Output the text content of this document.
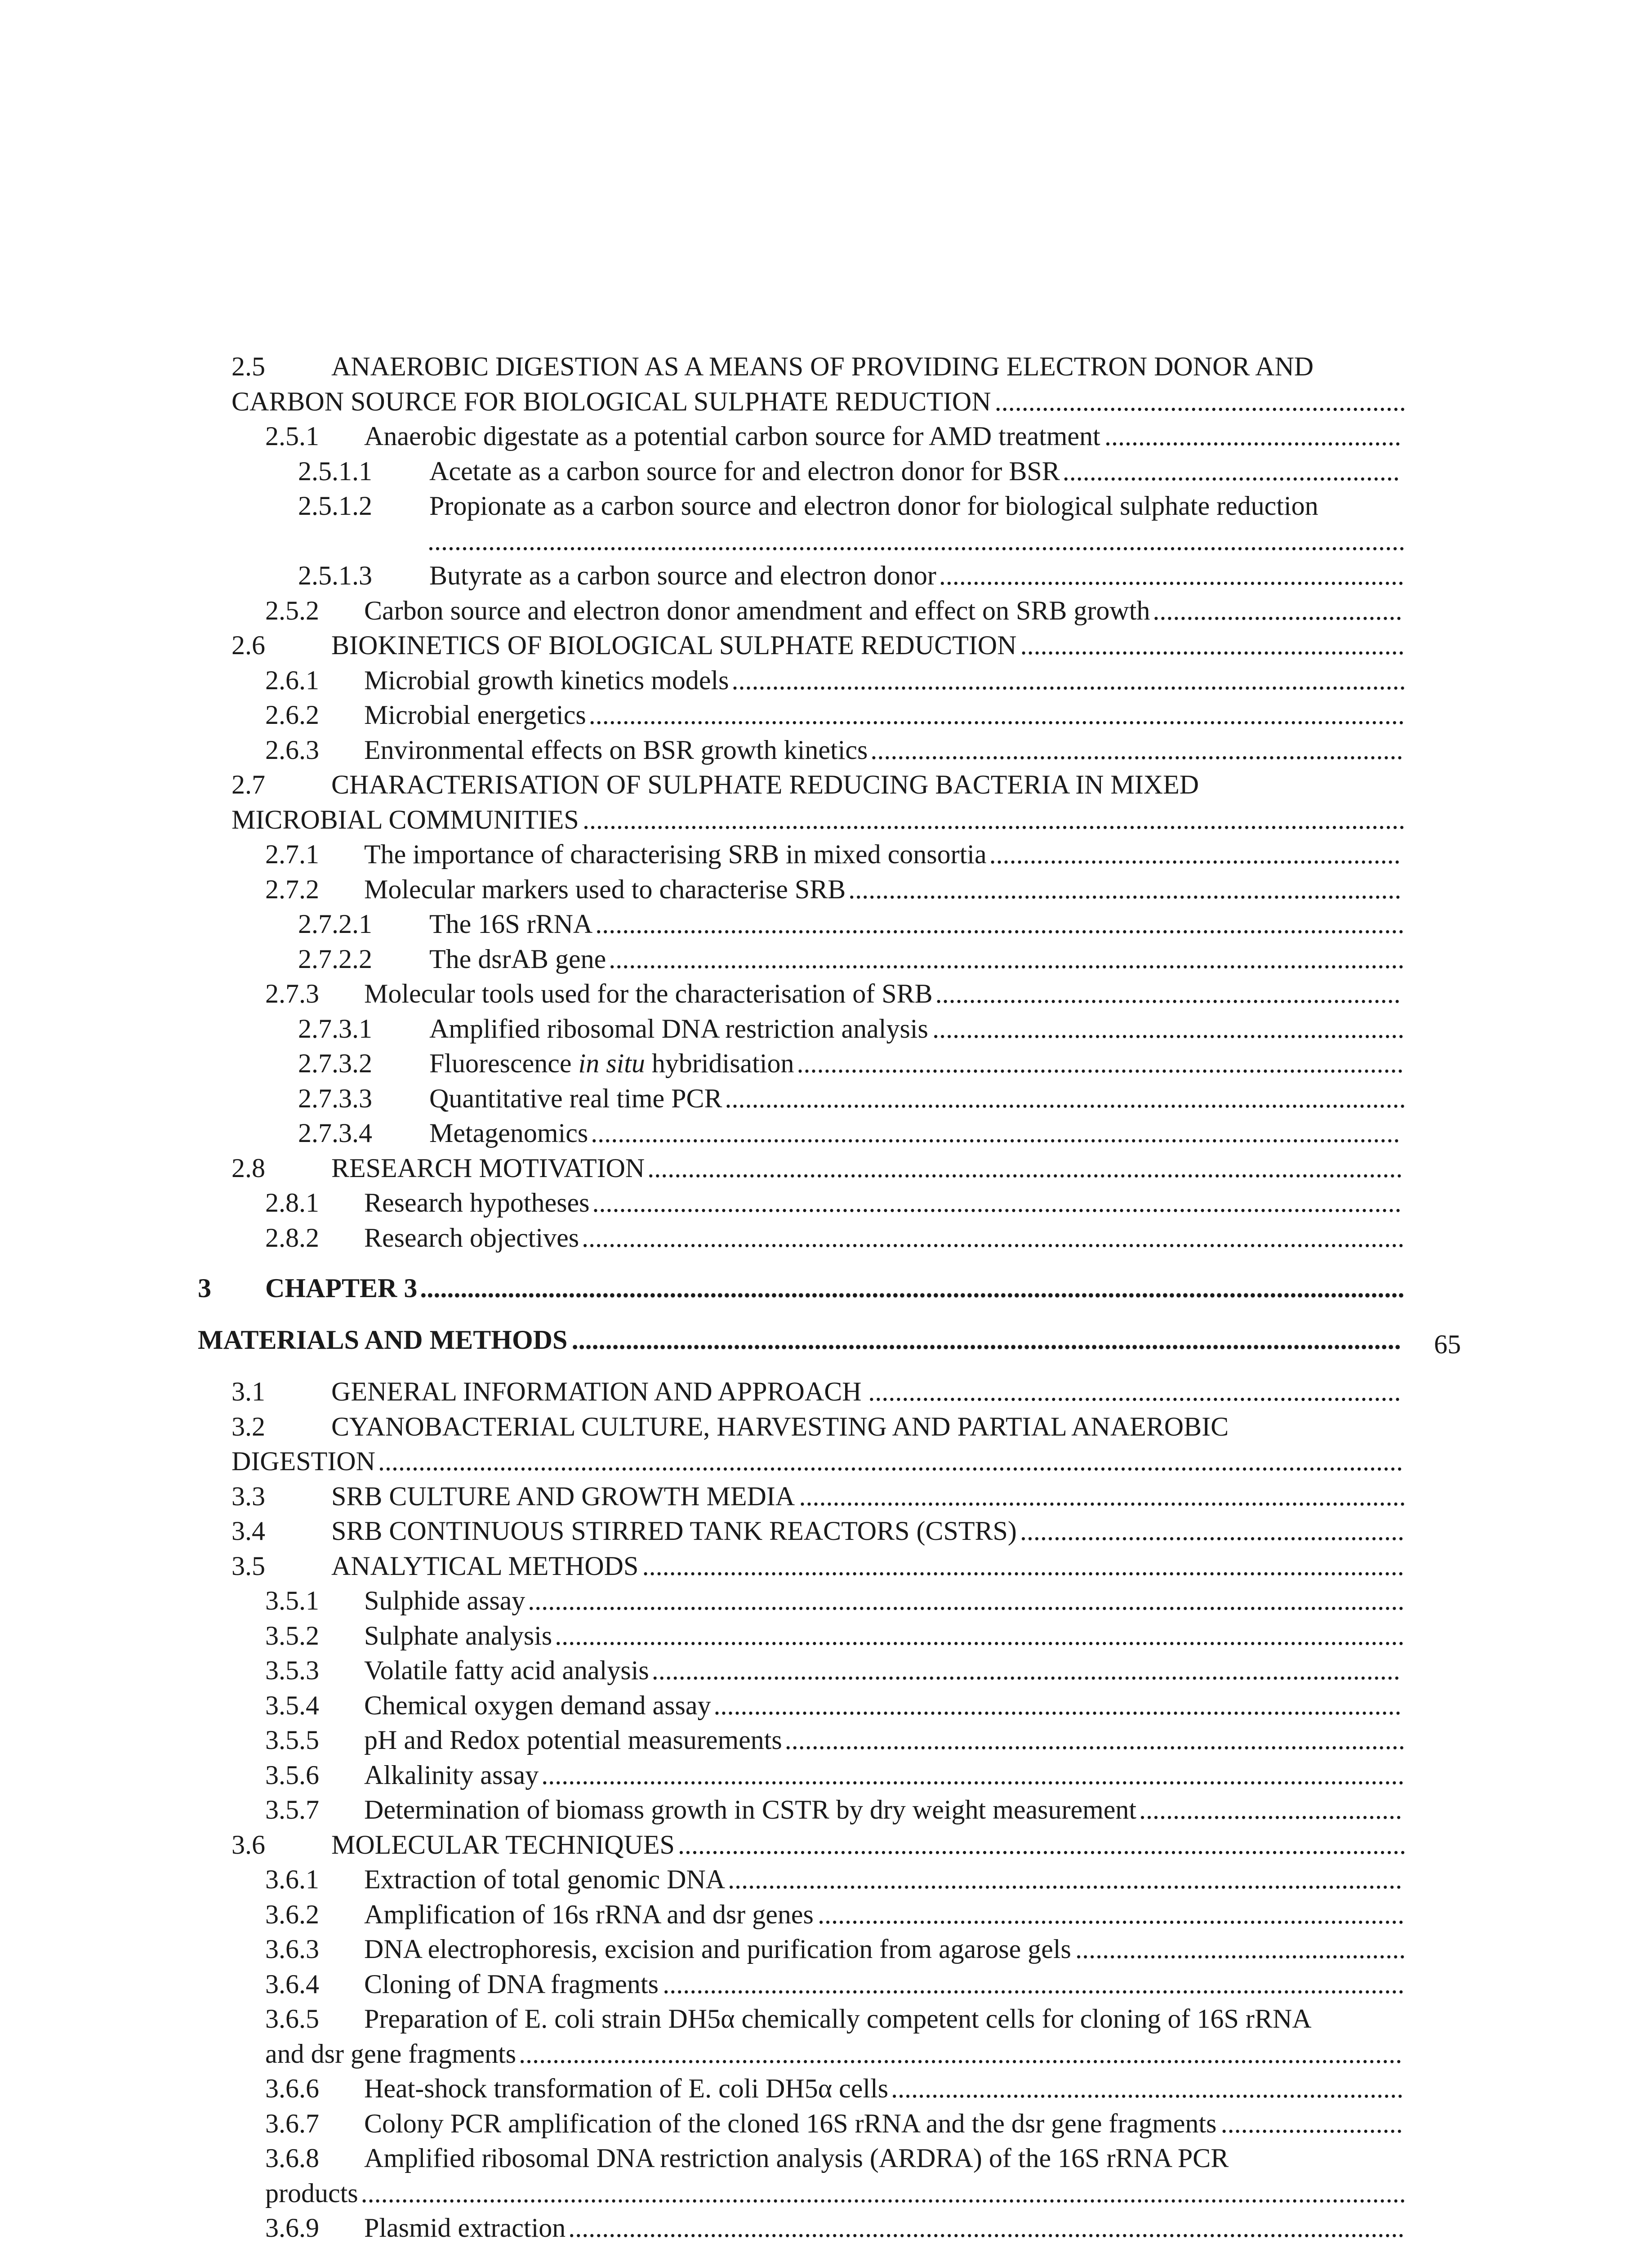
2.5 ANAEROBIC DIGESTION AS A MEANS OF PROVIDING ELECTRON DONOR AND
CARBON SOURCE FOR BIOLOGICAL SULPHATE REDUCTION .............................................................
2.5.1 Anaerobic digestate as a potential carbon source for AMD treatment ............................................
2.5.1.1 Acetate as a carbon source for and electron donor for BSR ..................................................
2.5.1.2 Propionate as a carbon source and electron donor for biological sulphate reduction
.................................................................................................................................................
2.5.1.3 Butyrate as a carbon source and electron donor .....................................................................
2.5.2 Carbon source and electron donor amendment and effect on SRB growth .....................................
2.6 BIOKINETICS OF BIOLOGICAL SULPHATE REDUCTION .........................................................
2.6.1 Microbial growth kinetics models ....................................................................................................
2.6.2 Microbial energetics .........................................................................................................................
2.6.3 Environmental effects on BSR growth kinetics ...............................................................................
2.7 CHARACTERISATION OF SULPHATE REDUCING BACTERIA IN MIXED
MICROBIAL COMMUNITIES ..........................................................................................................................
2.7.1 The importance of characterising SRB in mixed consortia .............................................................
2.7.2 Molecular markers used to characterise SRB ..................................................................................
2.7.2.1 The 16S rRNA ........................................................................................................................
2.7.2.2 The dsrAB gene ......................................................................................................................
2.7.3 Molecular tools used for the characterisation of SRB .....................................................................
2.7.3.1 Amplified ribosomal DNA restriction analysis ......................................................................
2.7.3.2 Fluorescence in situ hybridisation ..........................................................................................
2.7.3.3 Quantitative real time PCR .....................................................................................................
2.7.3.4 Metagenomics ........................................................................................................................
2.8 RESEARCH MOTIVATION ................................................................................................................
2.8.1 Research hypotheses ........................................................................................................................
2.8.2 Research objectives ..........................................................................................................................
3 CHAPTER 3 ..................................................................................................................................................
MATERIALS AND METHODS ........................................................................................................................... 65
3.1 GENERAL INFORMATION AND APPROACH ...............................................................................
3.2 CYANOBACTERIAL CULTURE, HARVESTING AND PARTIAL ANAEROBIC
DIGESTION ........................................................................................................................................................
3.3 SRB CULTURE AND GROWTH MEDIA ..........................................................................................
3.4 SRB CONTINUOUS STIRRED TANK REACTORS (CSTRS) .........................................................
3.5 ANALYTICAL METHODS .................................................................................................................
3.5.1 Sulphide assay ..................................................................................................................................
3.5.2 Sulphate analysis ..............................................................................................................................
3.5.3 Volatile fatty acid analysis ...............................................................................................................
3.5.4 Chemical oxygen demand assay ......................................................................................................
3.5.5 pH and Redox potential measurements ............................................................................................
3.5.6 Alkalinity assay ................................................................................................................................
3.5.7 Determination of biomass growth in CSTR by dry weight measurement .......................................
3.6 MOLECULAR TECHNIQUES ............................................................................................................
3.6.1 Extraction of total genomic DNA ....................................................................................................
3.6.2 Amplification of 16s rRNA and dsr genes .......................................................................................
3.6.3 DNA electrophoresis, excision and purification from agarose gels .................................................
3.6.4 Cloning of DNA fragments ..............................................................................................................
3.6.5 Preparation of E. coli strain DH5α chemically competent cells for cloning of 16S rRNA
and dsr gene fragments ...................................................................................................................................
3.6.6 Heat-shock transformation of E. coli DH5α cells ............................................................................
3.6.7 Colony PCR amplification of the cloned 16S rRNA and the dsr gene fragments ...........................
3.6.8 Amplified ribosomal DNA restriction analysis (ARDRA) of the 16S rRNA PCR
products ...........................................................................................................................................................
3.6.9 Plasmid extraction ............................................................................................................................
